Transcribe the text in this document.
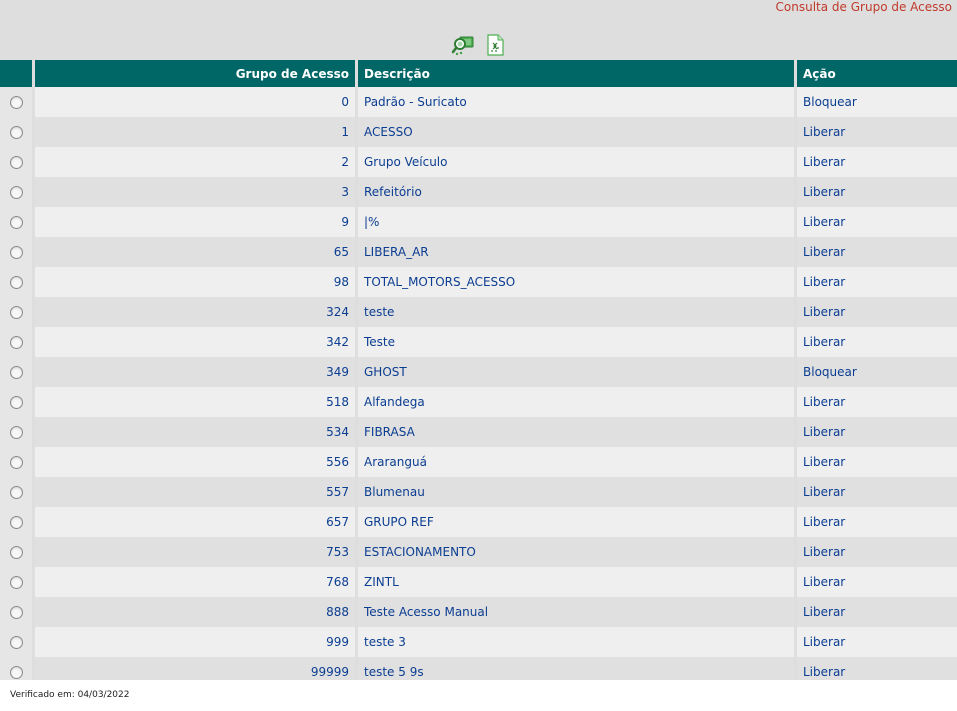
Consulta de Grupo de Acesso
	Grupo de Acesso	Descrição	Ação
	0	Padrão - Suricato	Bloquear
	1	ACESSO	Liberar
	2	Grupo Veículo	Liberar
	3	Refeitório	Liberar
	9	|%	Liberar
	65	LIBERA_AR	Liberar
	98	TOTAL_MOTORS_ACESSO	Liberar
	324	teste	Liberar
	342	Teste	Liberar
	349	GHOST	Bloquear
	518	Alfandega	Liberar
	534	FIBRASA	Liberar
	556	Araranguá	Liberar
	557	Blumenau	Liberar
	657	GRUPO REF	Liberar
	753	ESTACIONAMENTO	Liberar
	768	ZINTL	Liberar
	888	Teste Acesso Manual	Liberar
	999	teste 3	Liberar
	99999	teste 5 9s	Liberar
Verificado em: 04/03/2022
